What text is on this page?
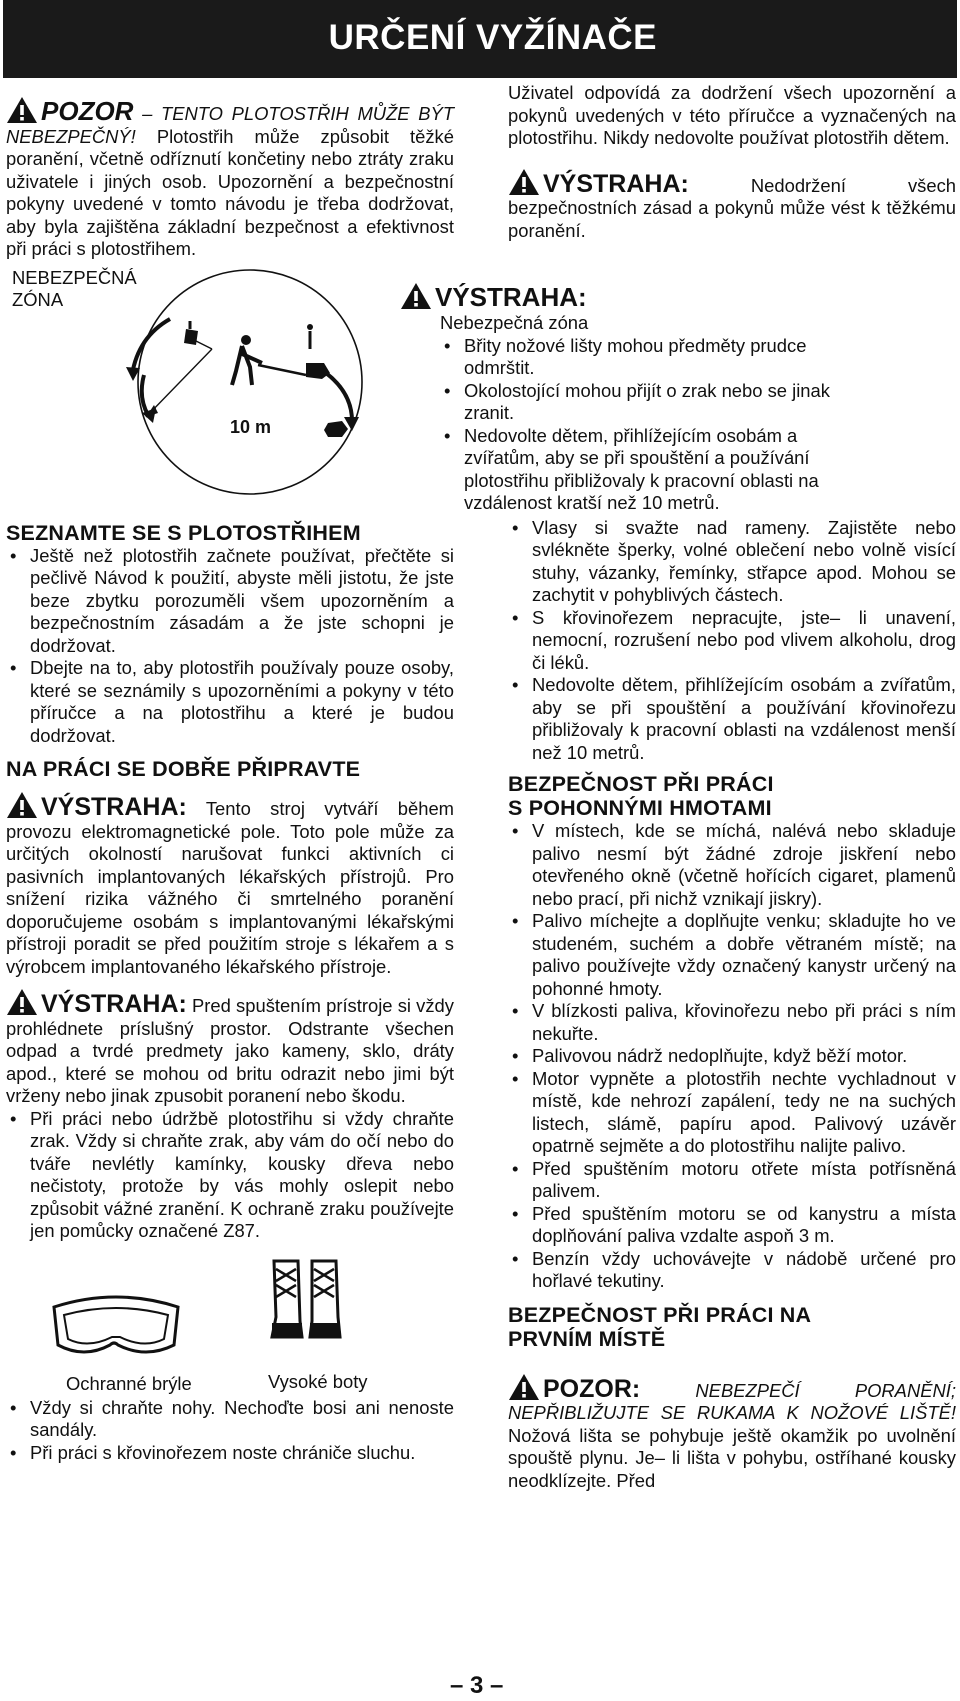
URČENÍ VYŽÍNAČE

POZOR – TENTO PLOTOSTŘIH MŮŽE BÝT NEBEZPEČNÝ! Plotostřih může způsobit těžké poranění, včetně odříznutí končetiny nebo ztráty zraku uživatele i jiných osob. Upozornění a bezpečnostní pokyny uvedené v tomto návodu je třeba dodržovat, aby byla zajištěna základní bezpečnost a efektivnost při práci s plotostřihem.

NEBEZPEČNÁ
ZÓNA
10 m
SEZNAMTE SE S PLOTOSTŘIHEM
• Ještě než plotostřih začnete používat, přečtěte si pečlivě Návod k použití, abyste měli jistotu, že jste beze zbytku porozuměli všem upozorněním a bezpečnostním zásadám a že jste schopni je dodržovat.
• Dbejte na to, aby plotostřih používaly pouze osoby, které se seznámily s upozorněními a pokyny v této příručce a na plotostřihu a které je budou dodržovat.
NA PRÁCI SE DOBŘE PŘIPRAVTE

VÝSTRAHA: Tento stroj vytváří během provozu elektromagnetické pole. Toto pole může za určitých okolností narušovat funkci aktivních ci pasivních implantovaných lékařských přístrojů. Pro snížení rizika vážného či smrtelného poranění doporučujeme osobám s implantovanými lékařskými přístroji poradit se před použitím stroje s lékařem a s výrobcem implantovaného lékařského přístroje.

VÝSTRAHA: Pred spuštením prístroje si vždy prohlédnete príslušný prostor. Odstrante všechen odpad a tvrdé predmety jako kameny, sklo, dráty apod., které se mohou od britu odrazit nebo jimi být vrženy nebo jinak zpusobit poranení nebo škodu.

• Při práci nebo údržbě plotostřihu si vždy chraňte zrak. Vždy si chraňte zrak, aby vám do očí nebo do tváře nevlétly kamínky, kousky dřeva nebo nečistoty, protože by vás mohly oslepit nebo způsobit vážné zranění. K ochraně zraku používejte jen pomůcky označené Z87.
Ochranné brýle	Vysoké boty
• Vždy si chraňte nohy. Nechoďte bosi ani nenoste sandály.
• Při práci s křovinořezem noste chrániče sluchu.

Uživatel odpovídá za dodržení všech upozornění a pokynů uvedených v této příručce a vyznačených na plotostřihu. Nikdy nedovolte používat plotostřih dětem.

VÝSTRAHA:	Nedodržení všech bezpečnostních zásad a pokynů může vést k těžkému poranění.

VÝSTRAHA:

Nebezpečná zóna

• Břity nožové lišty mohou předměty prudce odmrštit.
• Okolostojící mohou přijít o zrak nebo se jinak zranit.
• Nedovolte dětem, přihlížejícím osobám a zvířatům, aby se při spouštění a používání plotostřihu přibližovaly k pracovní oblasti na vzdálenost kratší než 10 metrů.
• Vlasy si svažte nad rameny. Zajistěte nebo svlékněte šperky, volné oblečení nebo volně visící stuhy, vázanky, řemínky, střapce apod. Mohou se zachytit v pohyblivých částech.
• S křovinořezem nepracujte, jste– li unavení, nemocní, rozrušení nebo pod vlivem alkoholu, drog či léků.
• Nedovolte dětem, přihlížejícím osobám a zvířatům, aby se při spouštění a používání křovinořezu přibližovaly k pracovní oblasti na vzdálenost menší než 10 metrů.
BEZPEČNOST PŘI PRÁCI
S POHONNÝMI HMOTAMI
• V místech, kde se míchá, nalévá nebo skladuje palivo nesmí být žádné zdroje jiskření nebo otevřeného okně (včetně hořících cigaret, plamenů nebo prací, při nichž vznikají jiskry).
• Palivo míchejte a doplňujte venku; skladujte ho ve studeném, suchém a dobře větraném místě; na palivo používejte vždy označený kanystr určený na pohonné hmoty.
• V blízkosti paliva, křovinořezu nebo při práci s ním nekuřte.
• Palivovou nádrž nedoplňujte, když běží motor.
• Motor vypněte a plotostřih nechte vychladnout v místě, kde nehrozí zapálení, tedy ne na suchých listech, slámě, papíru apod. Palivový uzávěr opatrně sejměte a do plotostřihu nalijte palivo.
• Před spuštěním motoru otřete místa potřísněná palivem.
• Před spuštěním motoru se od kanystru a místa doplňování paliva vzdalte aspoň 3 m.
• Benzín vždy uchovávejte v nádobě určené pro hořlavé tekutiny.
BEZPEČNOST PŘI PRÁCI NA
PRVNÍM MÍSTĚ

POZOR:	NEBEZPEČÍ PORANĚNÍ; NEPŘIBLIŽUJTE SE RUKAMA K NOŽOVÉ LIŠTĚ! Nožová lišta se pohybuje ještě okamžik po uvolnění spouště plynu. Je– li lišta v pohybu, ostříhané kousky neodklízejte. Před

– 3 –
